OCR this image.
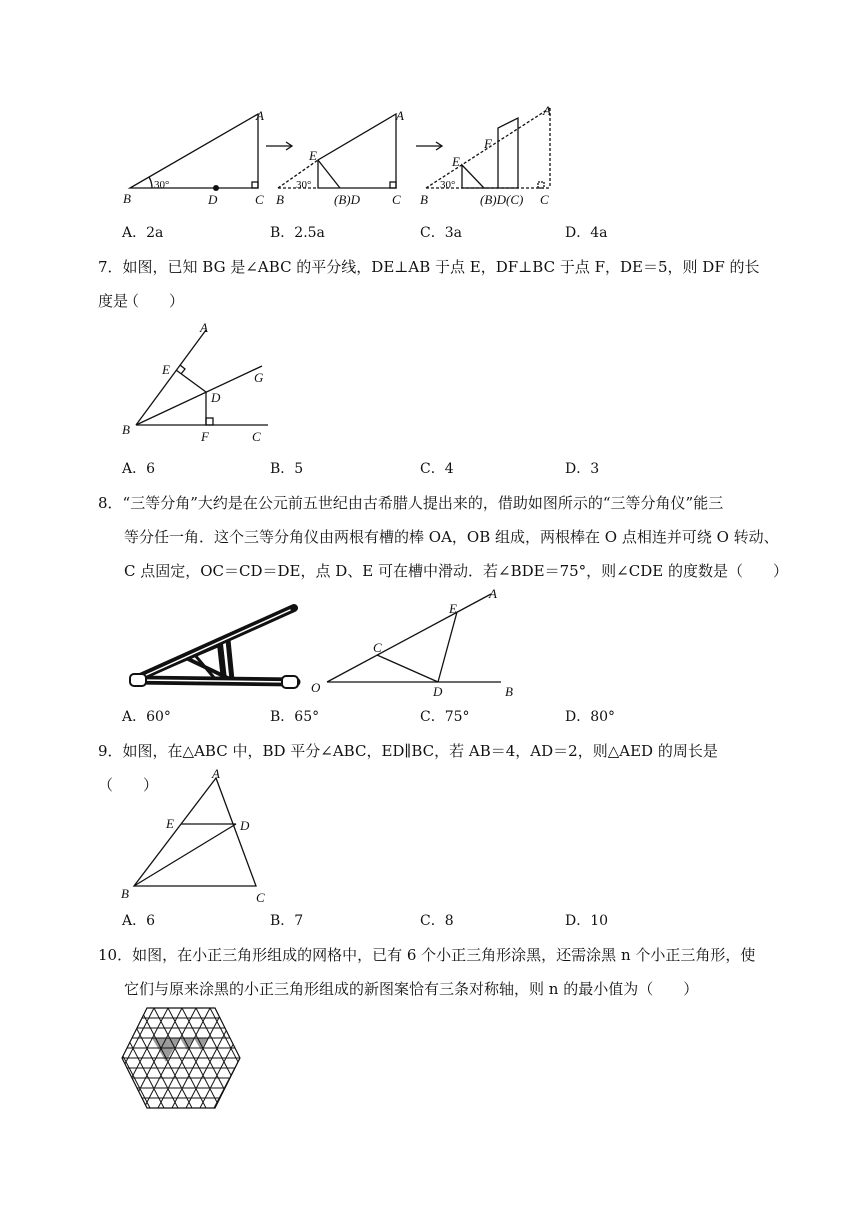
B
30°
D	C
A
B
E
30°
(B)D C
A
B
E
30°
F
(B)D(C) C
A
A．2a	B．2.5a	C．3a	D．4a
7．如图，已知 BG 是∠ABC 的平分线，DE⊥AB 于点 E，DF⊥BC 于点 F，DE＝5，则 DF 的长度是
（　　）
A
E
G
D
B	F	C
A．6	B．5	C．4	D．3
8．“三等分角”大约是在公元前五世纪由古希腊人提出来的，借助如图所示的“三等分角仪”能三
等分任一角．这个三等分角仪由两根有槽的棒 OA，OB 组成，两根棒在 O 点相连并可绕 O 转动、
C 点固定，OC＝CD＝DE，点 D、E 可在槽中滑动．若∠BDE＝75°，则∠CDE 的度数是（　　）
A
E
C
O	D	B
A．60°	B．65°	C．75°	D．80°
9．如图，在△ABC 中，BD 平分∠ABC，ED∥BC，若 AB＝4，AD＝2，则△AED 的周长是（　　）
A
E	D
B	C
A．6	B．7	C．8	D．10
10．如图，在小正三角形组成的网格中，已有 6 个小正三角形涂黑，还需涂黑 n 个小正三角形，使
它们与原来涂黑的小正三角形组成的新图案恰有三条对称轴，则 n 的最小值为（　　）
